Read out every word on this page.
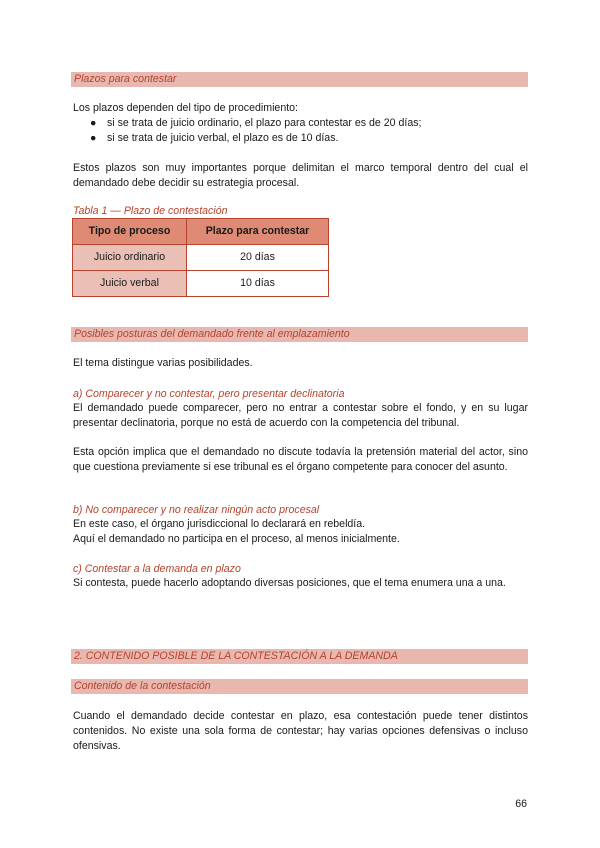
Plazos para contestar
Los plazos dependen del tipo de procedimiento:
● si se trata de juicio ordinario, el plazo para contestar es de 20 días;
● si se trata de juicio verbal, el plazo es de 10 días.
Estos plazos son muy importantes porque delimitan el marco temporal dentro del cual el demandado debe decidir su estrategia procesal.
Tabla 1 — Plazo de contestación
Tipo de proceso	Plazo para contestar
Juicio ordinario	20 días
Juicio verbal	10 días
Posibles posturas del demandado frente al emplazamiento
El tema distingue varias posibilidades.
a) Comparecer y no contestar, pero presentar declinatoria
El demandado puede comparecer, pero no entrar a contestar sobre el fondo, y en su lugar presentar declinatoria, porque no está de acuerdo con la competencia del tribunal.
Esta opción implica que el demandado no discute todavía la pretensión material del actor, sino que cuestiona previamente si ese tribunal es el órgano competente para conocer del asunto.
b) No comparecer y no realizar ningún acto procesal
En este caso, el órgano jurisdiccional lo declarará en rebeldía.
Aquí el demandado no participa en el proceso, al menos inicialmente.
c) Contestar a la demanda en plazo
Si contesta, puede hacerlo adoptando diversas posiciones, que el tema enumera una a una.
2. CONTENIDO POSIBLE DE LA CONTESTACIÓN A LA DEMANDA
Contenido de la contestación
Cuando el demandado decide contestar en plazo, esa contestación puede tener distintos contenidos. No existe una sola forma de contestar; hay varias opciones defensivas o incluso ofensivas.
66
